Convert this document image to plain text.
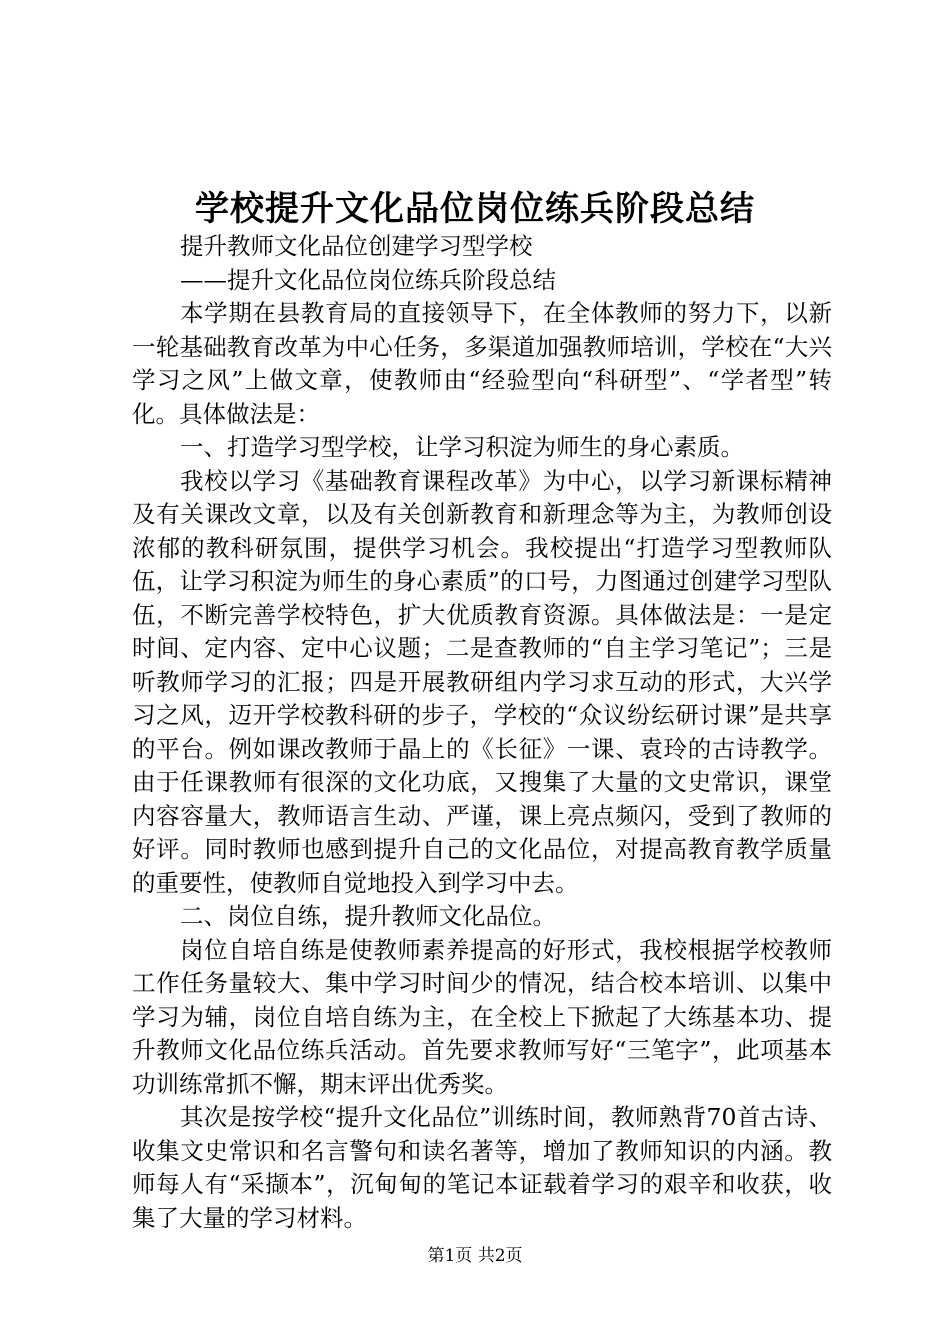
学校提升文化品位岗位练兵阶段总结

提升教师文化品位创建学习型学校

——提升文化品位岗位练兵阶段总结

本学期在县教育局的直接领导下，在全体教师的努力下，以新一轮基础教育改革为中心任务，多渠道加强教师培训，学校在“大兴学习之风”上做文章，使教师由“经验型向“科研型”、“学者型”转化。具体做法是：

一、打造学习型学校，让学习积淀为师生的身心素质。

我校以学习《基础教育课程改革》为中心，以学习新课标精神及有关课改文章，以及有关创新教育和新理念等为主，为教师创设浓郁的教科研氛围，提供学习机会。我校提出“打造学习型教师队伍，让学习积淀为师生的身心素质”的口号，力图通过创建学习型队伍，不断完善学校特色，扩大优质教育资源。具体做法是：一是定时间、定内容、定中心议题；二是查教师的“自主学习笔记”；三是听教师学习的汇报；四是开展教研组内学习求互动的形式，大兴学习之风，迈开学校教科研的步子，学校的“众议纷纭研讨课”是共享的平台。例如课改教师于晶上的《长征》一课、袁玲的古诗教学。由于任课教师有很深的文化功底，又搜集了大量的文史常识，课堂内容容量大，教师语言生动、严谨，课上亮点频闪，受到了教师的好评。同时教师也感到提升自己的文化品位，对提高教育教学质量的重要性，使教师自觉地投入到学习中去。

二、岗位自练，提升教师文化品位。

岗位自培自练是使教师素养提高的好形式，我校根据学校教师工作任务量较大、集中学习时间少的情况，结合校本培训、以集中学习为辅，岗位自培自练为主，在全校上下掀起了大练基本功、提升教师文化品位练兵活动。首先要求教师写好“三笔字”，此项基本功训练常抓不懈，期末评出优秀奖。

其次是按学校“提升文化品位”训练时间，教师熟背70首古诗、收集文史常识和名言警句和读名著等，增加了教师知识的内涵。教师每人有“采撷本”，沉甸甸的笔记本证载着学习的艰辛和收获，收集了大量的学习材料。

第1页 共2页
